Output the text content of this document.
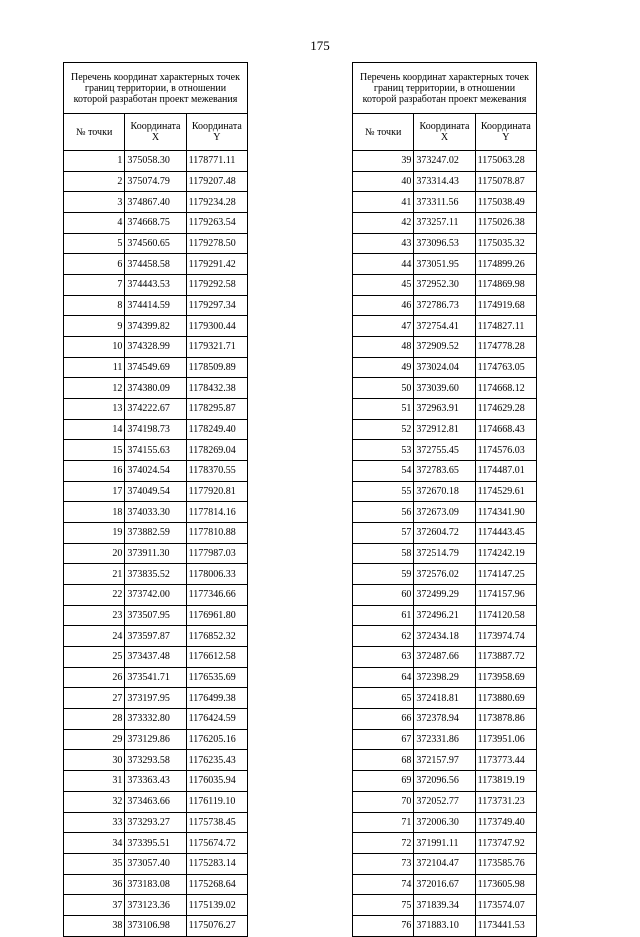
175
Перечень координат характерных точек границ территории, в отношении которой разработан проект межевания		
№ точки	Координата X	Координата Y
1	375058.30	1178771.11
2	375074.79	1179207.48
3	374867.40	1179234.28
4	374668.75	1179263.54
5	374560.65	1179278.50
6	374458.58	1179291.42
7	374443.53	1179292.58
8	374414.59	1179297.34
9	374399.82	1179300.44
10	374328.99	1179321.71
11	374549.69	1178509.89
12	374380.09	1178432.38
13	374222.67	1178295.87
14	374198.73	1178249.40
15	374155.63	1178269.04
16	374024.54	1178370.55
17	374049.54	1177920.81
18	374033.30	1177814.16
19	373882.59	1177810.88
20	373911.30	1177987.03
21	373835.52	1178006.33
22	373742.00	1177346.66
23	373507.95	1176961.80
24	373597.87	1176852.32
25	373437.48	1176612.58
26	373541.71	1176535.69
27	373197.95	1176499.38
28	373332.80	1176424.59
29	373129.86	1176205.16
30	373293.58	1176235.43
31	373363.43	1176035.94
32	373463.66	1176119.10
33	373293.27	1175738.45
34	373395.51	1175674.72
35	373057.40	1175283.14
36	373183.08	1175268.64
37	373123.36	1175139.02
38	373106.98	1175076.27
Перечень координат характерных точек границ территории, в отношении которой разработан проект межевания		
№ точки	Координата X	Координата Y
39	373247.02	1175063.28
40	373314.43	1175078.87
41	373311.56	1175038.49
42	373257.11	1175026.38
43	373096.53	1175035.32
44	373051.95	1174899.26
45	372952.30	1174869.98
46	372786.73	1174919.68
47	372754.41	1174827.11
48	372909.52	1174778.28
49	373024.04	1174763.05
50	373039.60	1174668.12
51	372963.91	1174629.28
52	372912.81	1174668.43
53	372755.45	1174576.03
54	372783.65	1174487.01
55	372670.18	1174529.61
56	372673.09	1174341.90
57	372604.72	1174443.45
58	372514.79	1174242.19
59	372576.02	1174147.25
60	372499.29	1174157.96
61	372496.21	1174120.58
62	372434.18	1173974.74
63	372487.66	1173887.72
64	372398.29	1173958.69
65	372418.81	1173880.69
66	372378.94	1173878.86
67	372331.86	1173951.06
68	372157.97	1173773.44
69	372096.56	1173819.19
70	372052.77	1173731.23
71	372006.30	1173749.40
72	371991.11	1173747.92
73	372104.47	1173585.76
74	372016.67	1173605.98
75	371839.34	1173574.07
76	371883.10	1173441.53
